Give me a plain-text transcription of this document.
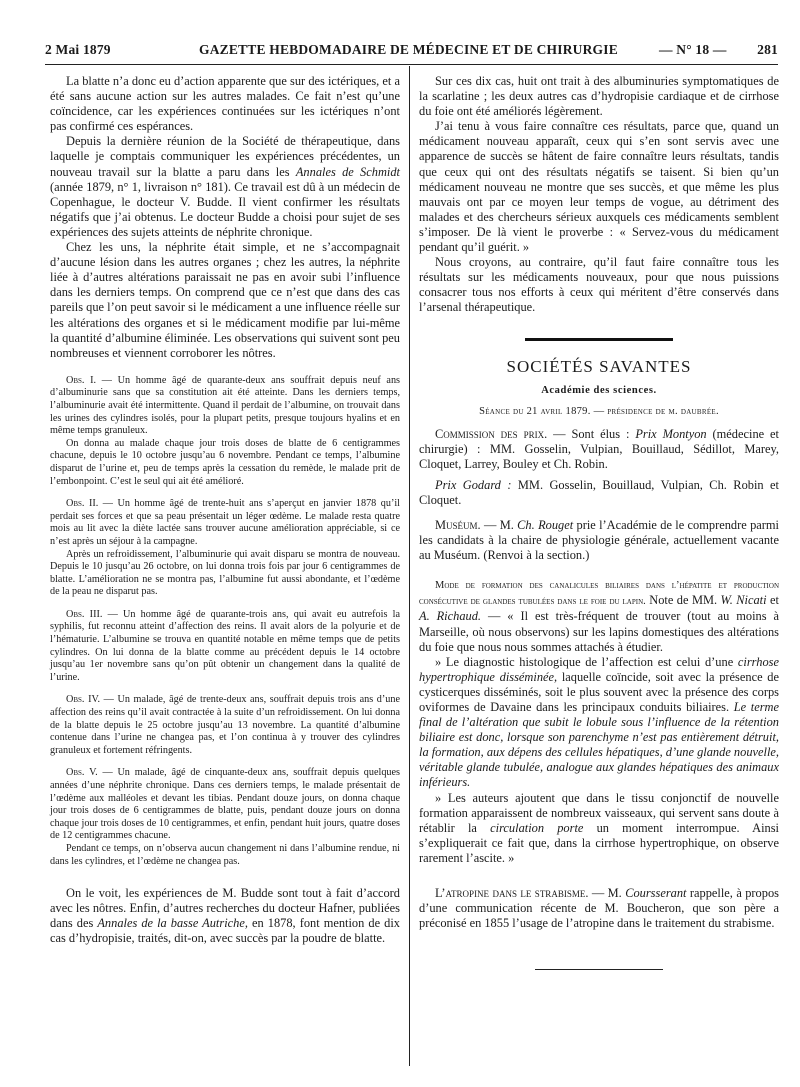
2 Mai 1879	GAZETTE HEBDOMADAIRE DE MÉDECINE ET DE CHIRURGIE	— N° 18 — 281

La blatte n’a donc eu d’action apparente que sur des ictériques, et a été sans aucune action sur les autres malades. Ce fait n’est qu’une coïncidence, car les expériences continuées sur les ictériques n’ont pas confirmé ces espérances.

Depuis la dernière réunion de la Société de thérapeutique, dans laquelle je comptais communiquer les expériences précédentes, un nouveau travail sur la blatte a paru dans les Annales de Schmidt (année 1879, n° 1, livraison n° 181). Ce travail est dû à un médecin de Copenhague, le docteur V. Budde. Il vient confirmer les résultats négatifs que j’ai obtenus. Le docteur Budde a choisi pour sujet de ses expériences des sujets atteints de néphrite chronique.

Chez les uns, la néphrite était simple, et ne s’accompagnait d’aucune lésion dans les autres organes ; chez les autres, la néphrite liée à d’autres altérations paraissait ne pas en avoir subi l’influence dans les derniers temps. On comprend que ce n’est que dans des cas pareils que l’on peut savoir si le médicament a une influence réelle sur les altérations des organes et si le médicament modifie par lui-même la quantité d’albumine éliminée. Les observations qui suivent sont peu nombreuses et viennent corroborer les nôtres.

Obs. I. — Un homme âgé de quarante-deux ans souffrait depuis neuf ans d’albuminurie sans que sa constitution ait été atteinte. Dans les derniers temps, l’albuminurie avait été intermittente. Quand il perdait de l’albumine, on trouvait dans les urines des cylindres isolés, pour la plupart petits, presque toujours hyalins et en même temps granuleux.

On donna au malade chaque jour trois doses de blatte de 6 centigrammes chacune, depuis le 10 octobre jusqu’au 6 novembre. Pendant ce temps, l’albumine disparut de l’urine et, peu de temps après la cessation du remède, le malade prit de l’embonpoint. C’est le seul qui ait été amélioré.

Obs. II. — Un homme âgé de trente-huit ans s’aperçut en janvier 1878 qu’il perdait ses forces et que sa peau présentait un léger œdème. Le malade resta quatre mois au lit avec la diète lactée sans trouver aucune amélioration appréciable, si ce n’est après un séjour à la campagne.

Après un refroidissement, l’albuminurie qui avait disparu se montra de nouveau. Depuis le 10 jusqu’au 26 octobre, on lui donna trois fois par jour 6 centigrammes de blatte. L’amélioration ne se montra pas, l’albumine fut aussi abondante, et l’œdème de la peau ne disparut pas.

Obs. III. — Un homme âgé de quarante-trois ans, qui avait eu autrefois la syphilis, fut reconnu atteint d’affection des reins. Il avait alors de la polyurie et de l’hématurie. L’albumine se trouva en quantité notable en même temps que de petits cylindres. On lui donna de la blatte comme au précédent depuis le 14 octobre jusqu’au 1er novembre sans qu’on pût obtenir un changement dans la qualité de l’urine.

Obs. IV. — Un malade, âgé de trente-deux ans, souffrait depuis trois ans d’une affection des reins qu’il avait contractée à la suite d’un refroidissement. On lui donna de la blatte depuis le 25 octobre jusqu’au 13 novembre. La quantité d’albumine contenue dans l’urine ne changea pas, et l’on continua à y trouver des cylindres granuleux et fortement réfringents.

Obs. V. — Un malade, âgé de cinquante-deux ans, souffrait depuis quelques années d’une néphrite chronique. Dans ces derniers temps, le malade présentait de l’œdème aux malléoles et devant les tibias. Pendant douze jours, on donna chaque jour trois doses de 6 centigrammes de blatte, puis, pendant douze jours on donna chaque jour trois doses de 10 centigrammes, et enfin, pendant huit jours, quatre doses de 12 centigrammes chacune.

Pendant ce temps, on n’observa aucun changement ni dans l’albumine rendue, ni dans les cylindres, et l’œdème ne changea pas.

On le voit, les expériences de M. Budde sont tout à fait d’accord avec les nôtres. Enfin, d’autres recherches du docteur Hafner, publiées dans des Annales de la basse Autriche, en 1878, font mention de dix cas d’hydropisie, traités, dit-on, avec succès par la poudre de blatte.

Sur ces dix cas, huit ont trait à des albuminuries symptomatiques de la scarlatine ; les deux autres cas d’hydropisie cardiaque et de cirrhose du foie ont été améliorés légèrement.

J’ai tenu à vous faire connaître ces résultats, parce que, quand un médicament nouveau apparaît, ceux qui s’en sont servis avec une apparence de succès se hâtent de faire connaître leurs résultats, tandis que ceux qui ont des résultats négatifs se taisent. Si bien qu’un médicament nouveau ne montre que ses succès, et que même les plus mauvais ont par ce moyen leur temps de vogue, au détriment des malades et des chercheurs sérieux auxquels ces médicaments semblent s’imposer. De là vient le proverbe : « Servez-vous du médicament pendant qu’il guérit. »

Nous croyons, au contraire, qu’il faut faire connaître tous les résultats sur les médicaments nouveaux, pour que nous puissions consacrer tous nos efforts à ceux qui méritent d’être conservés dans l’arsenal thérapeutique.

SOCIÉTÉS SAVANTES
Académie des sciences.
Séance du 21 avril 1879. — présidence de m. daubrée.

Commission des prix. — Sont élus : Prix Montyon (médecine et chirurgie) : MM. Gosselin, Vulpian, Bouillaud, Sédillot, Marey, Cloquet, Larrey, Bouley et Ch. Robin.

Prix Godard : MM. Gosselin, Bouillaud, Vulpian, Ch. Robin et Cloquet.

Muséum. — M. Ch. Rouget prie l’Académie de le comprendre parmi les candidats à la chaire de physiologie générale, actuellement vacante au Muséum. (Renvoi à la section.)

Mode de formation des canalicules biliaires dans l’hépatite et production consécutive de glandes tubulées dans le foie du lapin. Note de MM. W. Nicati et A. Richaud. — « Il est très-fréquent de trouver (tout au moins à Marseille, où nous observons) sur les lapins domestiques des altérations du foie que nous nous sommes attachés à étudier.

» Le diagnostic histologique de l’affection est celui d’une cirrhose hypertrophique disséminée, laquelle coïncide, soit avec la présence de cysticerques disséminés, soit le plus souvent avec la présence des corps oviformes de Davaine dans les principaux conduits biliaires. Le terme final de l’altération que subit le lobule sous l’influence de la rétention biliaire est donc, lorsque son parenchyme n’est pas entièrement détruit, la formation, aux dépens des cellules hépatiques, d’une glande nouvelle, véritable glande tubulée, analogue aux glandes hépatiques des animaux inférieurs.

» Les auteurs ajoutent que dans le tissu conjonctif de nouvelle formation apparaissent de nombreux vaisseaux, qui servent sans doute à rétablir la circulation porte un moment interrompue. Ainsi s’expliquerait ce fait que, dans la cirrhose hypertrophique, on observe rarement l’ascite. »

L’atropine dans le strabisme. — M. Coursserant rappelle, à propos d’une communication récente de M. Boucheron, que son père a préconisé en 1855 l’usage de l’atropine dans le traitement du strabisme.
